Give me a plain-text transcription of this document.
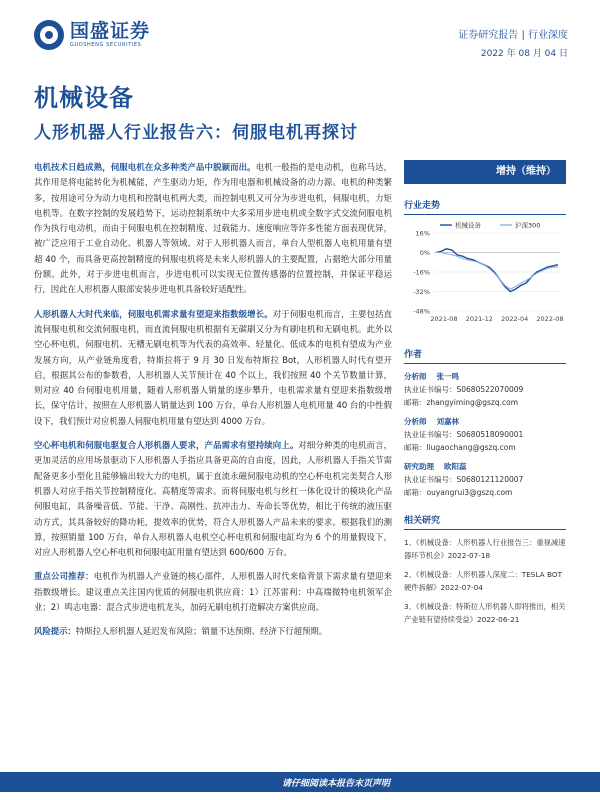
国盛证券
GUOSHENG SECURITIES
证券研究报告 | 行业深度
2022 年 08 月 04 日
机械设备
人形机器人行业报告六：伺服电机再探讨

电机技术日趋成熟，伺服电机在众多种类产品中脱颖而出。电机一般指的是电动机，也称马达，其作用是将电能转化为机械能，产生驱动力矩，作为用电器和机械设备的动力源。电机的种类繁多，按用途可分为动力电机和控制电机两大类，而控制电机又可分为步进电机，伺服电机，力矩电机等。在数字控制的发展趋势下，运动控制系统中大多采用步进电机或全数字式交流伺服电机作为执行电动机，而由于伺服电机在控制精度、过载能力、速度响应等许多性能方面表现优异，被广泛应用于工业自动化、机器人等领域。对于人形机器人而言，单台人型机器人电机用量有望超 40 个，而具备更高控制精度的伺服电机将是未来人形机器人的主要配置，占据绝大部分用量份额。此外，对于步进电机而言，步进电机可以实现无位置传感器的位置控制，并保证平稳运行，因此在人形机器人眼部安装步进电机具备较好适配性。

人形机器人大时代来临，伺服电机需求量有望迎来指数级增长。对于伺服电机而言，主要包括直流伺服电机和交流伺服电机，而直流伺服电机根据有无碳刷又分为有刷电机和无刷电机。此外以空心杯电机，伺服电机、无槽无刷电机等为代表的高效率、轻量化、低成本的电机有望成为产业发展方向，从产业链角度看，特斯拉将于 9 月 30 日发布特斯拉 Bot，人形机器人时代有望开启，根据其公布的参数看，人形机器人关节预计在 40 个以上，我们按照 40 个关节数量计算，则对应 40 台伺服电机用量，随着人形机器人销量的逐步攀升，电机需求量有望迎来指数级增长，保守估计，按照在人形机器人销量达到 100 万台，单台人形机器人电机用量 40 台的中性假设下，我们预计对应机器人伺服电机用量有望达到 4000 万台。

空心杯电机和伺服电驱复合人形机器人要求，产品需求有望持续向上。对细分种类的电机而言，更加灵活的应用场景驱动下人形机器人手指应具备更高的自由度，因此，人形机器人手指关节需配备更多小型化且能够输出较大力的电机，属于直流永磁伺服电动机的空心杯电机完美契合人形机器人对应手指关节控制精度化、高精度等需求。而将伺服电机与丝杠一体化设计的模块化产品伺服电缸，具备噪音低、节能、干净、高刚性、抗冲击力、寿命长等优势，相比于传统的液压驱动方式，其具备较好的降功耗，提效率的优势，符合人形机器人产品未来的要求。根据我们的测算，按照销量 100 万台，单台人形机器人电机空心杯电机和伺服电缸均为 6 个的用量假设下，对应人形机器人空心杯电机和伺服电缸用量有望达到 600/600 万台。

重点公司推荐：电机作为机器人产业链的核心部件，人形机器人时代来临背景下需求量有望迎来指数级增长。建议重点关注国内优质的伺服电机供应商：1）江苏雷利：中高端微特电机领军企业；2）鸣志电器：混合式步进电机龙头，加码无刷电机打造解决方案供应商。

风险提示：特斯拉人形机器人延迟发布风险；销量不达预期、经济下行超预期。

增持（维持）
行业走势
16%
0%
-16%
-32%
-48%
2021-08 2021-12 2022-04 2022-08
机械设备	沪深300
作者
分析师 张一鸣
执业证书编号：S0680522070009
邮箱：zhangyiming@gszq.com
分析师 刘嘉林
执业证书编号：S0680518090001
邮箱：liugaochang@gszq.com
研究助理 欧阳蕊
执业证书编号：S0680121120007
邮箱：ouyangrui3@gszq.com
相关研究
1、《机械设备：人形机器人行业报告三：重视减速器环节机会》2022-07-18
2、《机械设备：人形机器人深度二：TESLA BOT 硬件拆解》2022-07-04
3、《机械设备：特斯拉人形机器人即将推出，相关产业链有望持续受益》2022-06-21
请仔细阅读本报告末页声明
